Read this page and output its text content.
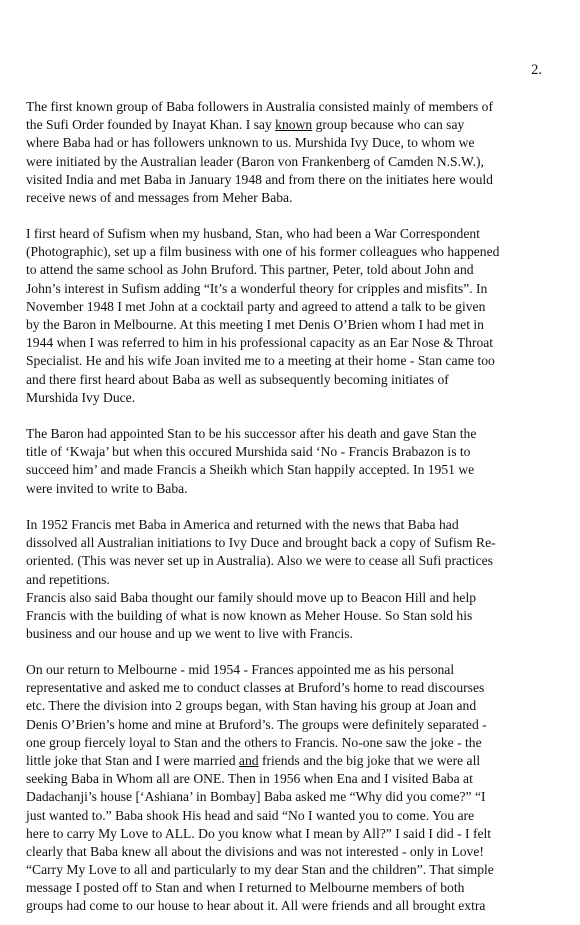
2.
The first known group of Baba followers in Australia consisted mainly of members of
the Sufi Order founded by Inayat Khan. I say known group because who can say
where Baba had or has followers unknown to us. Murshida Ivy Duce, to whom we
were initiated by the Australian leader (Baron von Frankenberg of Camden N.S.W.),
visited India and met Baba in January 1948 and from there on the initiates here would
receive news of and messages from Meher Baba.
I first heard of Sufism when my husband, Stan, who had been a War Correspondent
(Photographic), set up a film business with one of his former colleagues who happened
to attend the same school as John Bruford. This partner, Peter, told about John and
John’s interest in Sufism adding “It’s a wonderful theory for cripples and misfits”. In
November 1948 I met John at a cocktail party and agreed to attend a talk to be given
by the Baron in Melbourne. At this meeting I met Denis O’Brien whom I had met in
1944 when I was referred to him in his professional capacity as an Ear Nose & Throat
Specialist. He and his wife Joan invited me to a meeting at their home - Stan came too
and there first heard about Baba as well as subsequently becoming initiates of
Murshida Ivy Duce.
The Baron had appointed Stan to be his successor after his death and gave Stan the
title of ‘Kwaja’ but when this occured Murshida said ‘No - Francis Brabazon is to
succeed him’ and made Francis a Sheikh which Stan happily accepted. In 1951 we
were invited to write to Baba.
In 1952 Francis met Baba in America and returned with the news that Baba had
dissolved all Australian initiations to Ivy Duce and brought back a copy of Sufism Re-
oriented. (This was never set up in Australia). Also we were to cease all Sufi practices
and repetitions.
Francis also said Baba thought our family should move up to Beacon Hill and help
Francis with the building of what is now known as Meher House. So Stan sold his
business and our house and up we went to live with Francis.
On our return to Melbourne - mid 1954 - Frances appointed me as his personal
representative and asked me to conduct classes at Bruford’s home to read discourses
etc. There the division into 2 groups began, with Stan having his group at Joan and
Denis O’Brien’s home and mine at Bruford’s. The groups were definitely separated -
one group fiercely loyal to Stan and the others to Francis. No-one saw the joke - the
little joke that Stan and I were married and friends and the big joke that we were all
seeking Baba in Whom all are ONE. Then in 1956 when Ena and I visited Baba at
Dadachanji’s house [‘Ashiana’ in Bombay] Baba asked me “Why did you come?” “I
just wanted to.” Baba shook His head and said “No I wanted you to come. You are
here to carry My Love to ALL. Do you know what I mean by All?” I said I did - I felt
clearly that Baba knew all about the divisions and was not interested - only in Love!
“Carry My Love to all and particularly to my dear Stan and the children”. That simple
message I posted off to Stan and when I returned to Melbourne members of both
groups had come to our house to hear about it. All were friends and all brought extra
